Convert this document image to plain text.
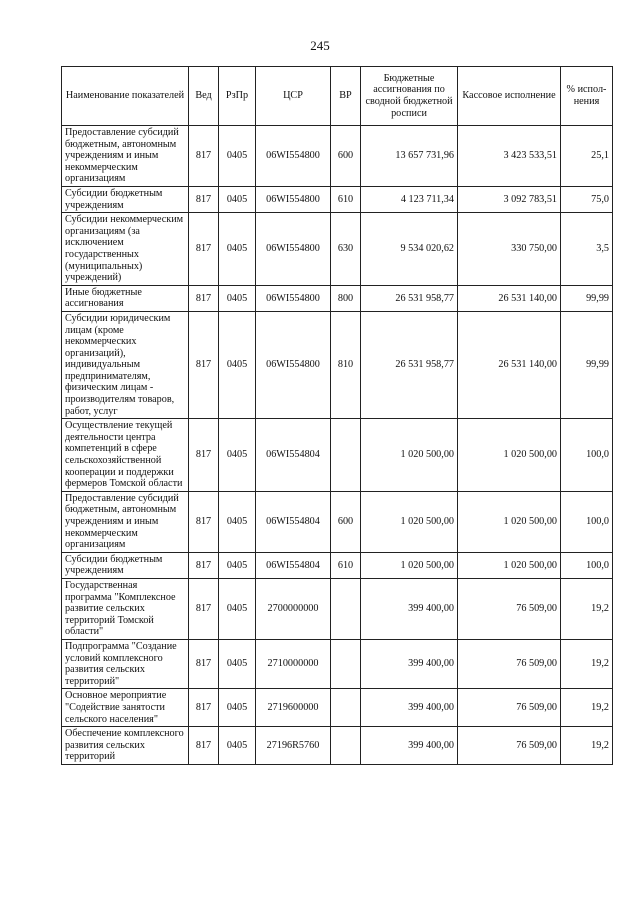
245
Наименование показателей	Вед	РзПр	ЦСР	ВР	Бюджетные ассигнования по сводной бюджетной росписи	Кассовое исполнение	% испол-нения
Предоставление субсидий бюджетным, автономным учреждениям и иным некоммерческим организациям	817	0405	06WI554800	600	13 657 731,96	3 423 533,51	25,1
Субсидии бюджетным учреждениям	817	0405	06WI554800	610	4 123 711,34	3 092 783,51	75,0
Субсидии некоммерческим организациям (за исключением государственных (муниципальных) учреждений)	817	0405	06WI554800	630	9 534 020,62	330 750,00	3,5
Иные бюджетные ассигнования	817	0405	06WI554800	800	26 531 958,77	26 531 140,00	99,99
Субсидии юридическим лицам (кроме некоммерческих организаций), индивидуальным предпринимателям, физическим лицам - производителям товаров, работ, услуг	817	0405	06WI554800	810	26 531 958,77	26 531 140,00	99,99
Осуществление текущей деятельности центра компетенций в сфере сельскохозяйственной кооперации и поддержки фермеров Томской области	817	0405	06WI554804		1 020 500,00	1 020 500,00	100,0
Предоставление субсидий бюджетным, автономным учреждениям и иным некоммерческим организациям	817	0405	06WI554804	600	1 020 500,00	1 020 500,00	100,0
Субсидии бюджетным учреждениям	817	0405	06WI554804	610	1 020 500,00	1 020 500,00	100,0
Государственная программа "Комплексное развитие сельских территорий Томской области"	817	0405	2700000000		399 400,00	76 509,00	19,2
Подпрограмма "Создание условий комплексного развития сельских территорий"	817	0405	2710000000		399 400,00	76 509,00	19,2
Основное мероприятие "Содействие занятости сельского населения"	817	0405	2719600000		399 400,00	76 509,00	19,2
Обеспечение комплексного развития сельских территорий	817	0405	27196R5760		399 400,00	76 509,00	19,2
